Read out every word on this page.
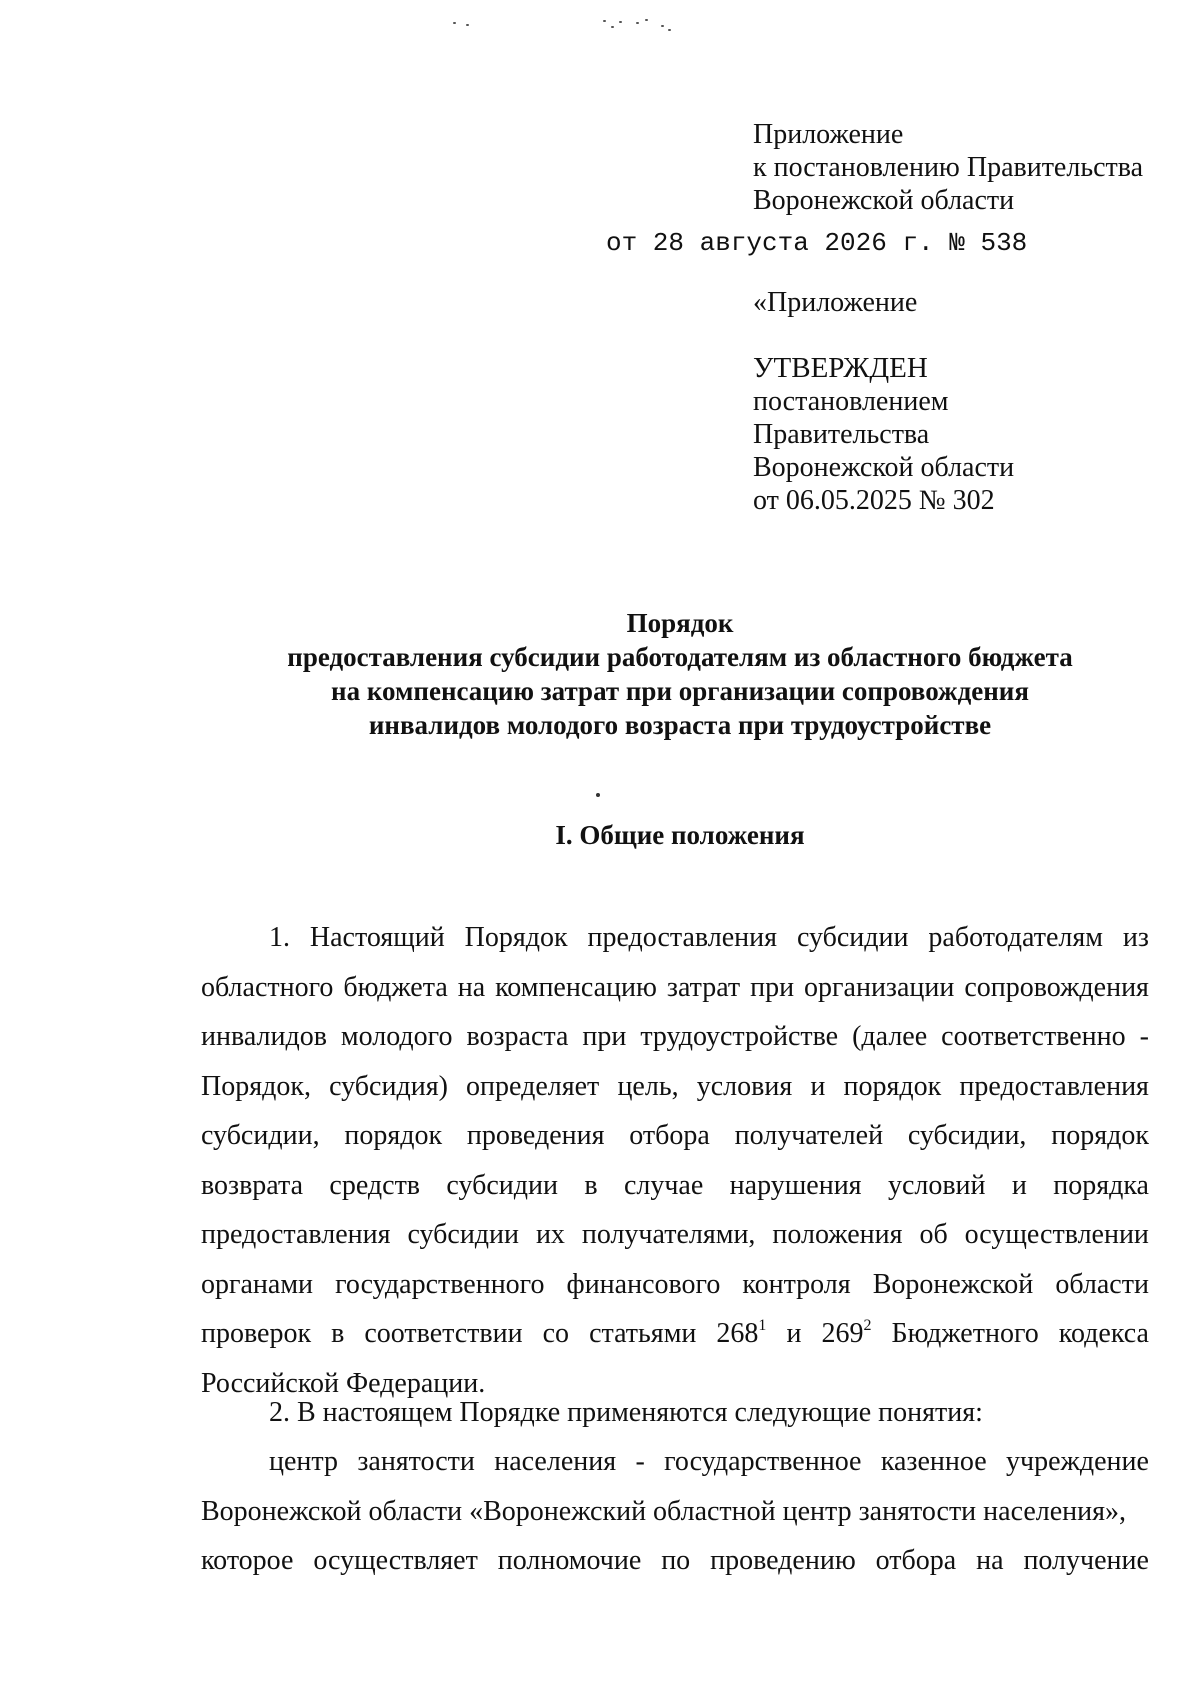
Приложение
к постановлению Правительства
Воронежской области
от 28 августа 2026 г. № 538
«Приложение
УТВЕРЖДЕН
постановлением
Правительства
Воронежской области
от 06.05.2025 № 302
Порядок
предоставления субсидии работодателям из областного бюджета
на компенсацию затрат при организации сопровождения
инвалидов молодого возраста при трудоустройстве
I. Общие положения
1. Настоящий Порядок предоставления субсидии работодателям из
областного бюджета на компенсацию затрат при организации сопровождения
инвалидов молодого возраста при трудоустройстве (далее соответственно -
Порядок, субсидия) определяет цель, условия и порядок предоставления
субсидии, порядок проведения отбора получателей субсидии, порядок
возврата средств субсидии в случае нарушения условий и порядка
предоставления субсидии их получателями, положения об осуществлении
органами государственного финансового контроля Воронежской области
проверок в соответствии со статьями $268^1$ и $269^2$ Бюджетного кодекса
Российской Федерации.
2. В настоящем Порядке применяются следующие понятия:
центр занятости населения - государственное казенное учреждение
Воронежской области «Воронежский областной центр занятости населения»,
которое осуществляет полномочие по проведению отбора на получение
